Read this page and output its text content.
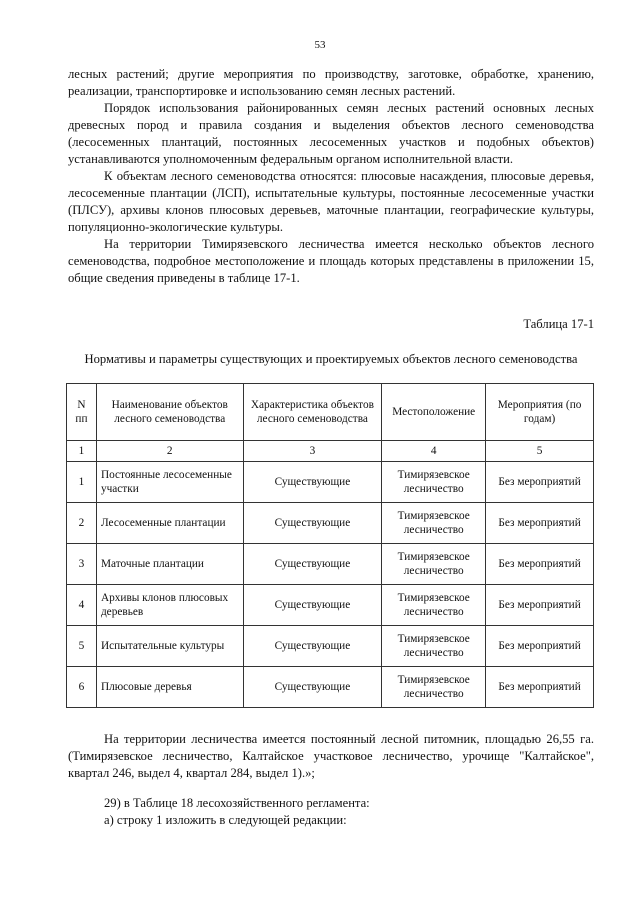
53

лесных растений; другие мероприятия по производству, заготовке, обработке, хранению, реализации, транспортировке и использованию семян лесных растений.

Порядок использования районированных семян лесных растений основных лесных древесных пород и правила создания и выделения объектов лесного семеноводства (лесосеменных плантаций, постоянных лесосеменных участков и подобных объектов) устанавливаются уполномоченным федеральным органом исполнительной власти.

К объектам лесного семеноводства относятся: плюсовые насаждения, плюсовые деревья, лесосеменные плантации (ЛСП), испытательные культуры, постоянные лесосеменные участки (ПЛСУ), архивы клонов плюсовых деревьев, маточные плантации, географические культуры, популяционно-экологические культуры.

На территории Тимирязевского лесничества имеется несколько объектов лесного семеноводства, подробное местоположение и площадь которых представлены в приложении 15, общие сведения приведены в таблице 17-1.

Таблица 17-1
Нормативы и параметры существующих и проектируемых объектов лесного семеноводства
N пп	Наименование объектов лесного семеноводства	Характеристика объектов лесного семеноводства	Местоположение	Мероприятия (по годам)
1	2	3	4	5
1	Постоянные лесосеменные участки	Существующие	Тимирязевское лесничество	Без мероприятий
2	Лесосеменные плантации	Существующие	Тимирязевское лесничество	Без мероприятий
3	Маточные плантации	Существующие	Тимирязевское лесничество	Без мероприятий
4	Архивы клонов плюсовых деревьев	Существующие	Тимирязевское лесничество	Без мероприятий
5	Испытательные культуры	Существующие	Тимирязевское лесничество	Без мероприятий
6	Плюсовые деревья	Существующие	Тимирязевское лесничество	Без мероприятий

На территории лесничества имеется постоянный лесной питомник, площадью 26,55 га. (Тимирязевское лесничество, Калтайское участковое лесничество, урочище "Калтайское", квартал 246, выдел 4, квартал 284, выдел 1).»;

29) в Таблице 18 лесохозяйственного регламента:
а) строку 1 изложить в следующей редакции:
